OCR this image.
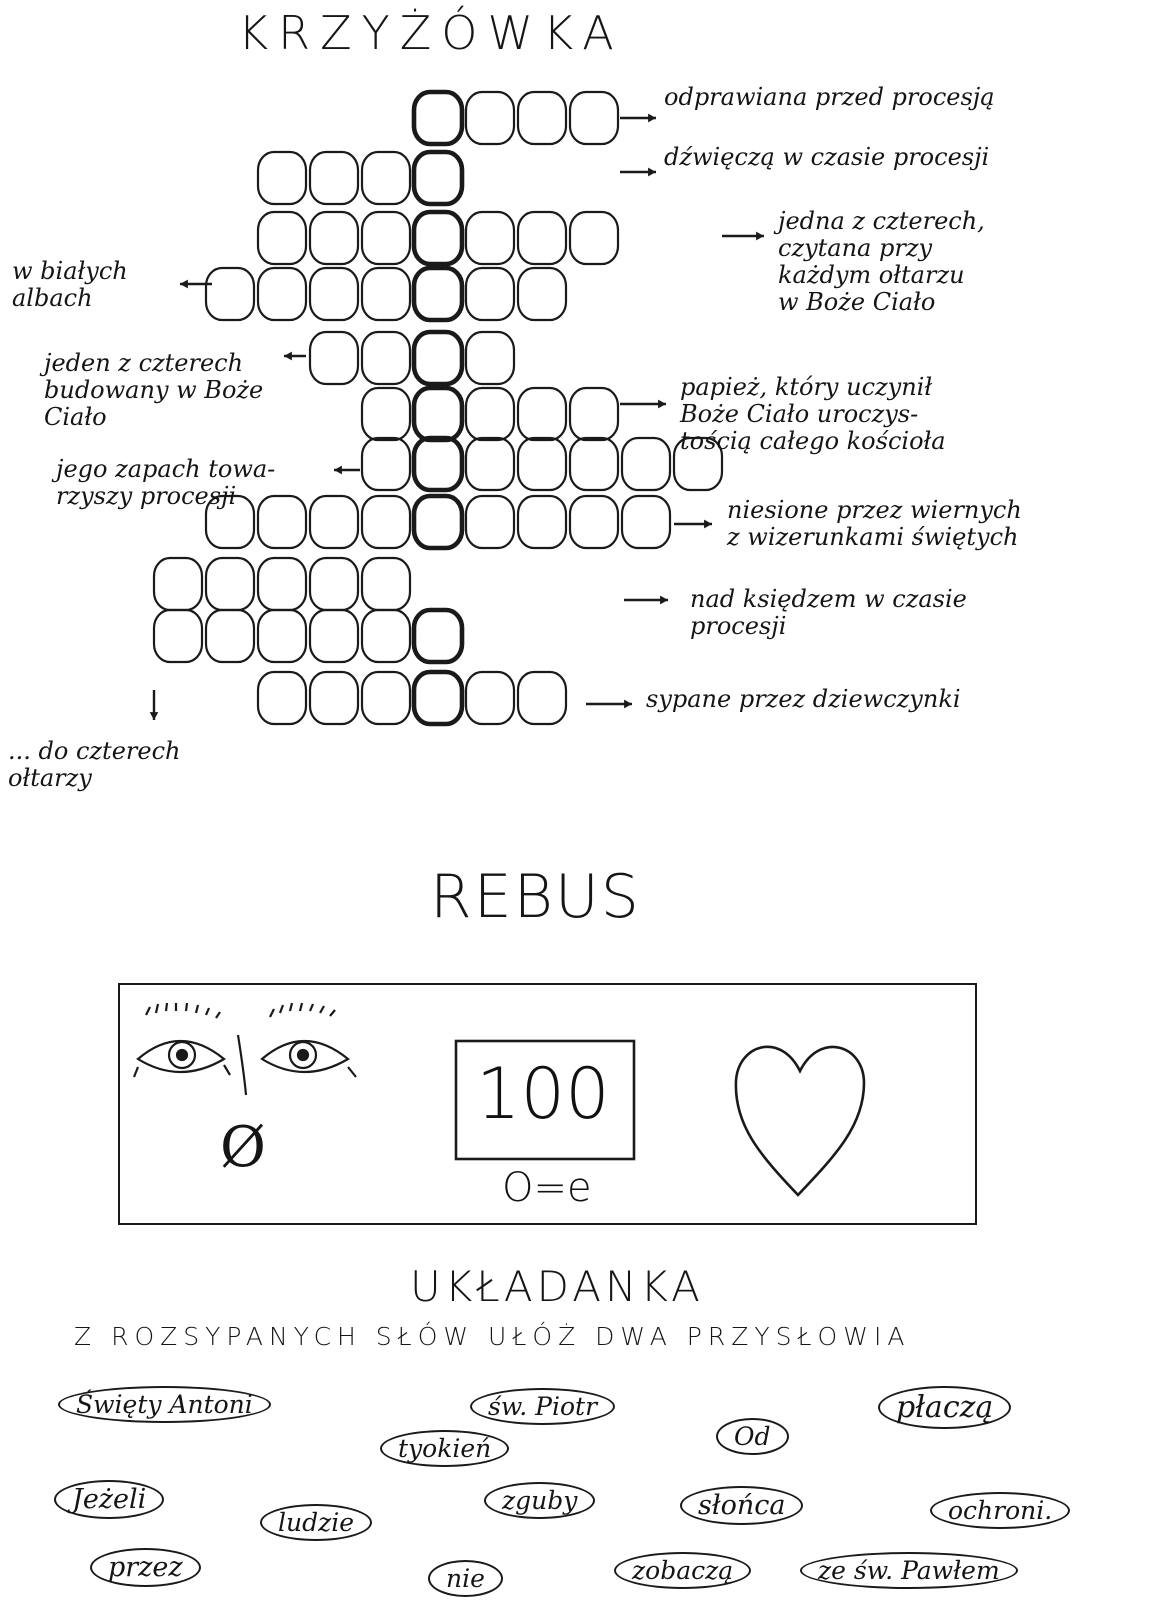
KRZYŻÓWKA
odprawiana przed procesją
dźwięczą w czasie procesji
jedna z czterech,
czytana przy
każdym ołtarzu
w Boże Ciało
papież, który uczynił
Boże Ciało uroczys-
tością całego kościoła
niesione przez wiernych
z wizerunkami świętych
nad księdzem w czasie
procesji
sypane przez dziewczynki
w białych
albach
jeden z czterech
budowany w Boże
Ciało
jego zapach towa-
rzyszy procesji
... do czterech
ołtarzy
REBUS
Ø
100
O=e
UKŁADANKA
Z ROZSYPANYCH SŁÓW UŁÓŻ DWA PRZYSŁOWIA
Święty Antoni	św. Piotr	płaczą
Od
tyokień
Jeżeli	zguby	słońca	ochroni.
ludzie
przez	nie	zobaczą	ze św. Pawłem
